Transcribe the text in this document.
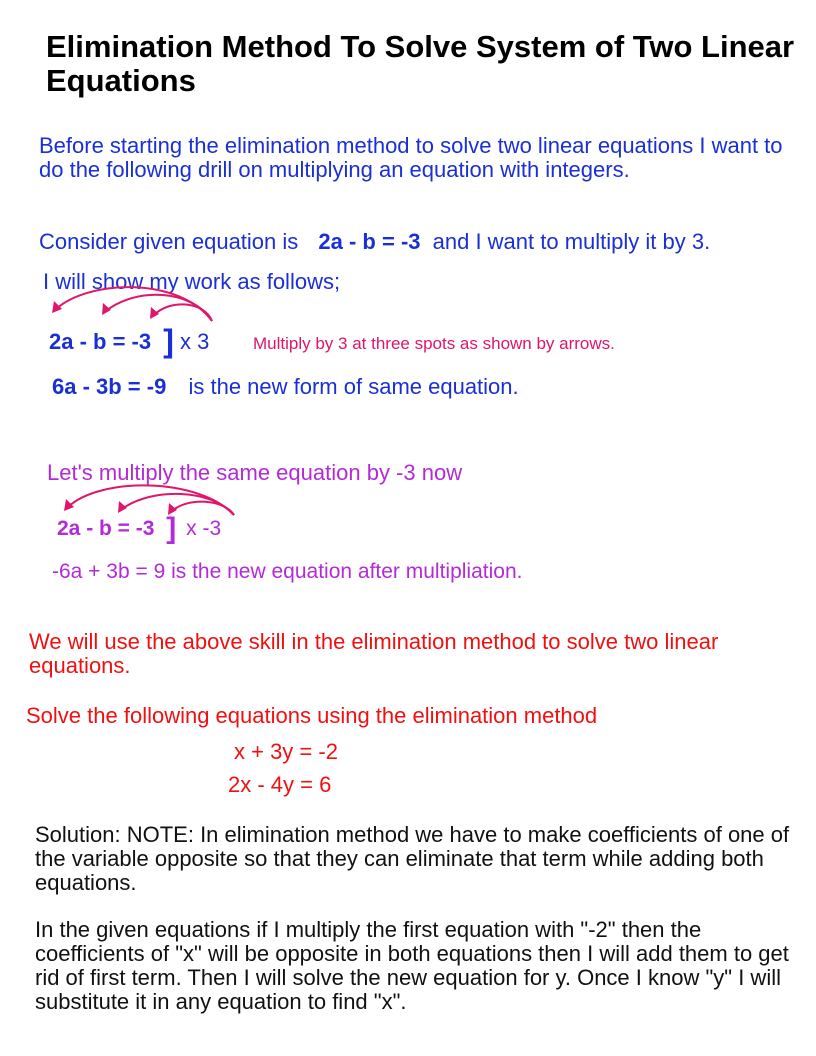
Elimination Method To Solve System of Two Linear Equations
Before starting the elimination method to solve two linear equations I want to do the following drill on multiplying an equation with integers.
Consider given equation is 2a - b = -3 and I want to multiply it by 3.
I will show my work as follows;
2a - b = -3 ] x 3	Multiply by 3 at three spots as shown by arrows.
6a - 3b = -9 is the new form of same equation.
Let's multiply the same equation by -3 now
2a - b = -3 ] x -3
-6a + 3b = 9 is the new equation after multipliation.
We will use the above skill in the elimination method to solve two linear equations.
Solve the following equations using the elimination method
x + 3y = -2
2x - 4y = 6
Solution: NOTE: In elimination method we have to make coefficients of one of the variable opposite so that they can eliminate that term while adding both equations.
In the given equations if I multiply the first equation with "-2" then the coefficients of "x" will be opposite in both equations then I will add them to get rid of first term. Then I will solve the new equation for y. Once I know "y" I will substitute it in any equation to find "x".
